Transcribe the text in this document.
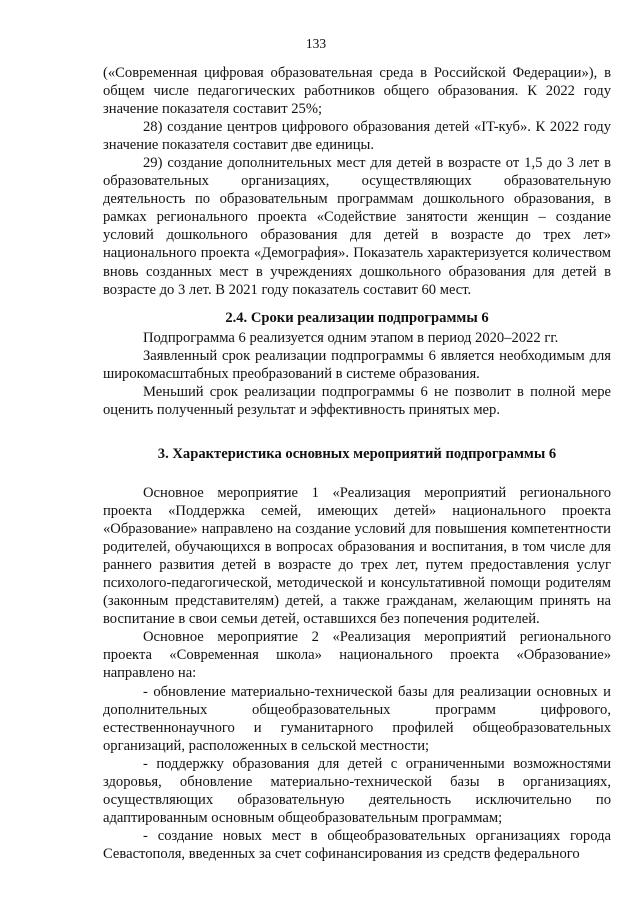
133

(«Современная цифровая образовательная среда в Российской Федерации»), в общем числе педагогических работников общего образования. К 2022 году значение показателя составит 25%;

28) создание центров цифрового образования детей «IT-куб». К 2022 году значение показателя составит две единицы.

29) создание дополнительных мест для детей в возрасте от 1,5 до 3 лет в образовательных организациях, осуществляющих образовательную деятельность по образовательным программам дошкольного образования, в рамках регионального проекта «Содействие занятости женщин – создание условий дошкольного образования для детей в возрасте до трех лет» национального проекта «Демография». Показатель характеризуется количеством вновь созданных мест в учреждениях дошкольного образования для детей в возрасте до 3 лет. В 2021 году показатель составит 60 мест.

2.4. Сроки реализации подпрограммы 6

Подпрограмма 6 реализуется одним этапом в период 2020–2022 гг.

Заявленный срок реализации подпрограммы 6 является необходимым для широкомасштабных преобразований в системе образования.

Меньший срок реализации подпрограммы 6 не позволит в полной мере оценить полученный результат и эффективность принятых мер.

3. Характеристика основных мероприятий подпрограммы 6

Основное мероприятие 1 «Реализация мероприятий регионального проекта «Поддержка семей, имеющих детей» национального проекта «Образование» направлено на создание условий для повышения компетентности родителей, обучающихся в вопросах образования и воспитания, в том числе для раннего развития детей в возрасте до трех лет, путем предоставления услуг психолого-педагогической, методической и консультативной помощи родителям (законным представителям) детей, а также гражданам, желающим принять на воспитание в свои семьи детей, оставшихся без попечения родителей.

Основное мероприятие 2 «Реализация мероприятий регионального проекта «Современная школа» национального проекта «Образование» направлено на:

- обновление материально-технической базы для реализации основных и дополнительных общеобразовательных программ цифрового, естественнонаучного и гуманитарного профилей общеобразовательных организаций, расположенных в сельской местности;

- поддержку образования для детей с ограниченными возможностями здоровья, обновление материально-технической базы в организациях, осуществляющих образовательную деятельность исключительно по адаптированным основным общеобразовательным программам;

- создание новых мест в общеобразовательных организациях города Севастополя, введенных за счет софинансирования из средств федерального
